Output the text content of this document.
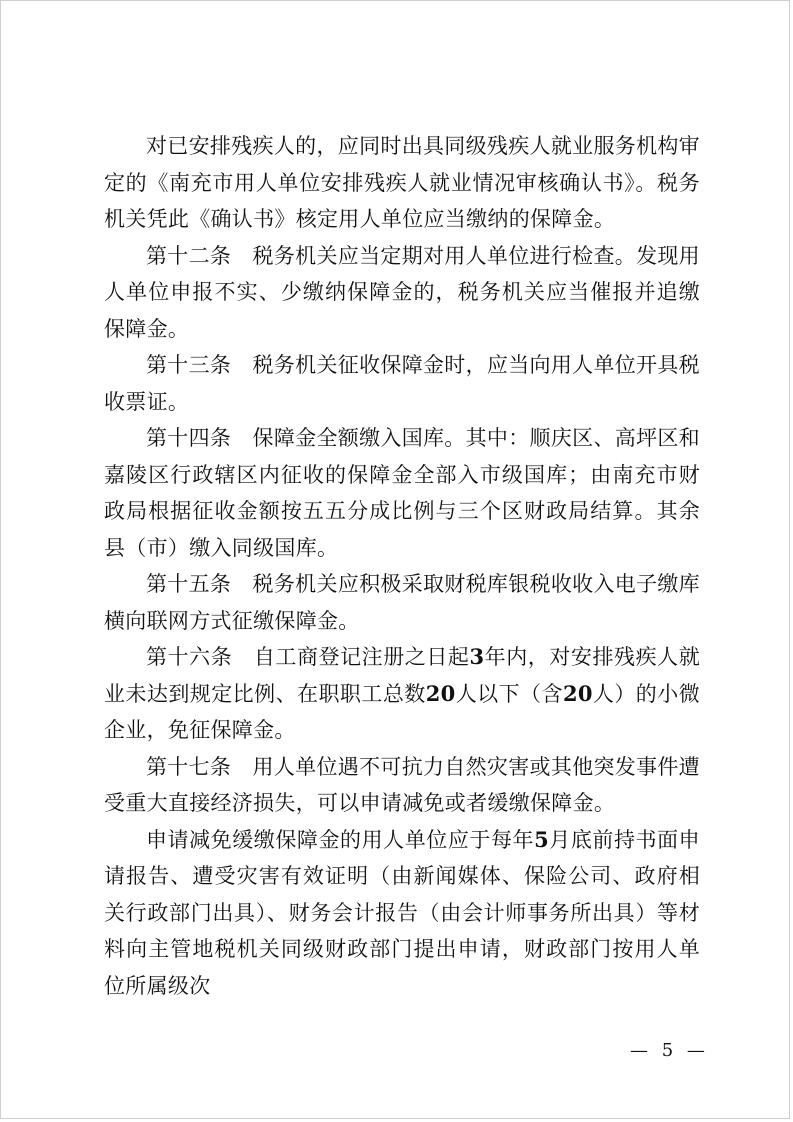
对已安排残疾人的，应同时出具同级残疾人就业服务机构审定的《南充市用人单位安排残疾人就业情况审核确认书》。税务机关凭此《确认书》核定用人单位应当缴纳的保障金。

第十二条　税务机关应当定期对用人单位进行检查。发现用人单位申报不实、少缴纳保障金的，税务机关应当催报并追缴保障金。

第十三条　税务机关征收保障金时，应当向用人单位开具税收票证。

第十四条　保障金全额缴入国库。其中：顺庆区、高坪区和嘉陵区行政辖区内征收的保障金全部入市级国库；由南充市财政局根据征收金额按五五分成比例与三个区财政局结算。其余县（市）缴入同级国库。

第十五条　税务机关应积极采取财税库银税收收入电子缴库横向联网方式征缴保障金。

第十六条　自工商登记注册之日起3年内，对安排残疾人就业未达到规定比例、在职职工总数20人以下（含20人）的小微企业，免征保障金。

第十七条　用人单位遇不可抗力自然灾害或其他突发事件遭受重大直接经济损失，可以申请减免或者缓缴保障金。

申请减免缓缴保障金的用人单位应于每年5月底前持书面申请报告、遭受灾害有效证明（由新闻媒体、保险公司、政府相关行政部门出具）、财务会计报告（由会计师事务所出具）等材料向主管地税机关同级财政部门提出申请，财政部门按用人单位所属级次

— 5 —
